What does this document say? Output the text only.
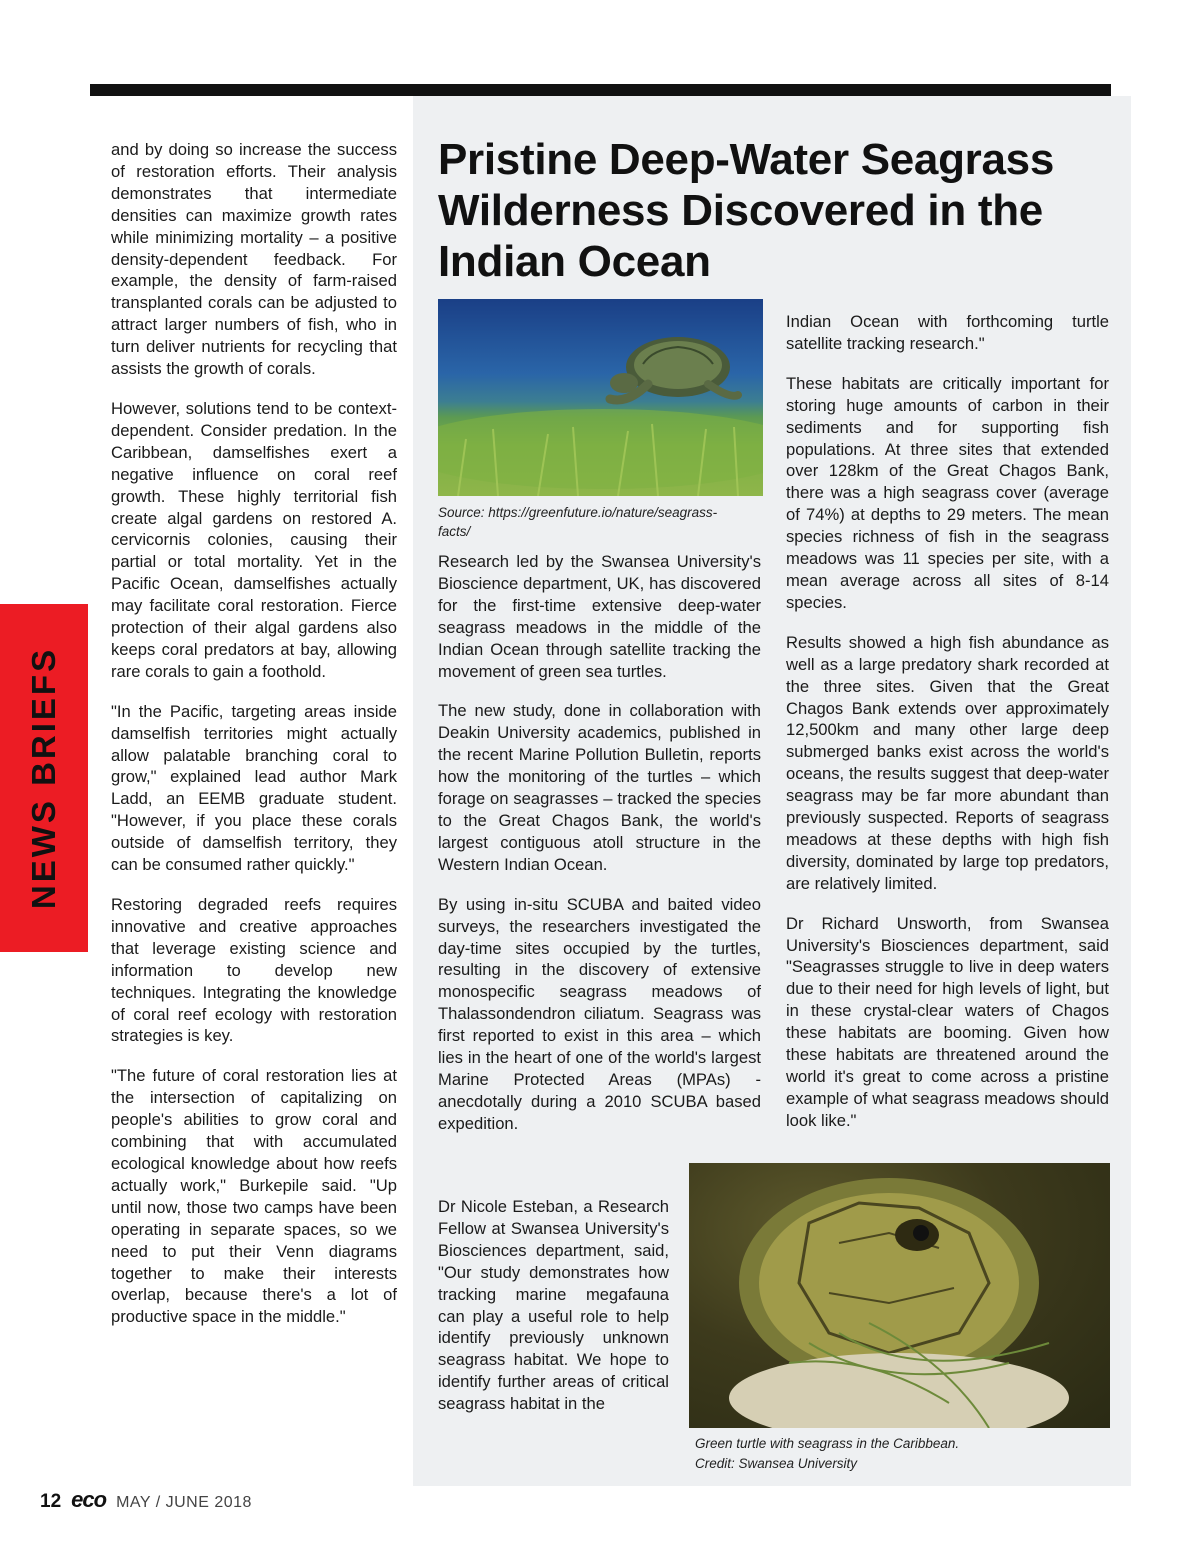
NEWS BRIEFS

and by doing so increase the success of restoration efforts. Their analysis demonstrates that intermediate densities can maximize growth rates while minimizing mortality – a positive density-dependent feedback. For example, the density of farm-raised transplanted corals can be adjusted to attract larger numbers of fish, who in turn deliver nutrients for recycling that assists the growth of corals.

However, solutions tend to be context-dependent. Consider predation. In the Caribbean, damselfishes exert a negative influence on coral reef growth. These highly territorial fish create algal gardens on restored A. cervicornis colonies, causing their partial or total mortality. Yet in the Pacific Ocean, damselfishes actually may facilitate coral restoration. Fierce protection of their algal gardens also keeps coral predators at bay, allowing rare corals to gain a foothold.

"In the Pacific, targeting areas inside damselfish territories might actually allow palatable branching coral to grow," explained lead author Mark Ladd, an EEMB graduate student. "However, if you place these corals outside of damselfish territory, they can be consumed rather quickly."

Restoring degraded reefs requires innovative and creative approaches that leverage existing science and information to develop new techniques. Integrating the knowledge of coral reef ecology with restoration strategies is key.

"The future of coral restoration lies at the intersection of capitalizing on people's abilities to grow coral and combining that with accumulated ecological knowledge about how reefs actually work," Burkepile said. "Up until now, those two camps have been operating in separate spaces, so we need to put their Venn diagrams together to make their interests overlap, because there's a lot of productive space in the middle."

Pristine Deep-Water Seagrass Wilderness Discovered in the Indian Ocean
Source: https://greenfuture.io/nature/seagrass-facts/

Research led by the Swansea University's Bioscience department, UK, has discovered for the first-time extensive deep-water seagrass meadows in the middle of the Indian Ocean through satellite tracking the movement of green sea turtles.

The new study, done in collaboration with Deakin University academics, published in the recent Marine Pollution Bulletin, reports how the monitoring of the turtles – which forage on seagrasses – tracked the species to the Great Chagos Bank, the world's largest contiguous atoll structure in the Western Indian Ocean.

By using in-situ SCUBA and baited video surveys, the researchers investigated the day-time sites occupied by the turtles, resulting in the discovery of extensive monospecific seagrass meadows of Thalassondendron ciliatum. Seagrass was first reported to exist in this area – which lies in the heart of one of the world's largest Marine Protected Areas (MPAs) - anecdotally during a 2010 SCUBA based expedition.

Dr Nicole Esteban, a Research Fellow at Swansea University's Biosciences department, said, "Our study demonstrates how tracking marine megafauna can play a useful role to help identify previously unknown seagrass habitat. We hope to identify further areas of critical seagrass habitat in the

Indian Ocean with forthcoming turtle satellite tracking research."

These habitats are critically important for storing huge amounts of carbon in their sediments and for supporting fish populations. At three sites that extended over 128km of the Great Chagos Bank, there was a high seagrass cover (average of 74%) at depths to 29 meters. The mean species richness of fish in the seagrass meadows was 11 species per site, with a mean average across all sites of 8-14 species.

Results showed a high fish abundance as well as a large predatory shark recorded at the three sites. Given that the Great Chagos Bank extends over approximately 12,500km and many other large deep submerged banks exist across the world's oceans, the results suggest that deep-water seagrass may be far more abundant than previously suspected. Reports of seagrass meadows at these depths with high fish diversity, dominated by large top predators, are relatively limited.

Dr Richard Unsworth, from Swansea University's Biosciences department, said "Seagrasses struggle to live in deep waters due to their need for high levels of light, but in these crystal-clear waters of Chagos these habitats are booming. Given how these habitats are threatened around the world it's great to come across a pristine example of what seagrass meadows should look like."

Green turtle with seagrass in the Caribbean.
Credit: Swansea University
12 eco MAY / JUNE 2018
